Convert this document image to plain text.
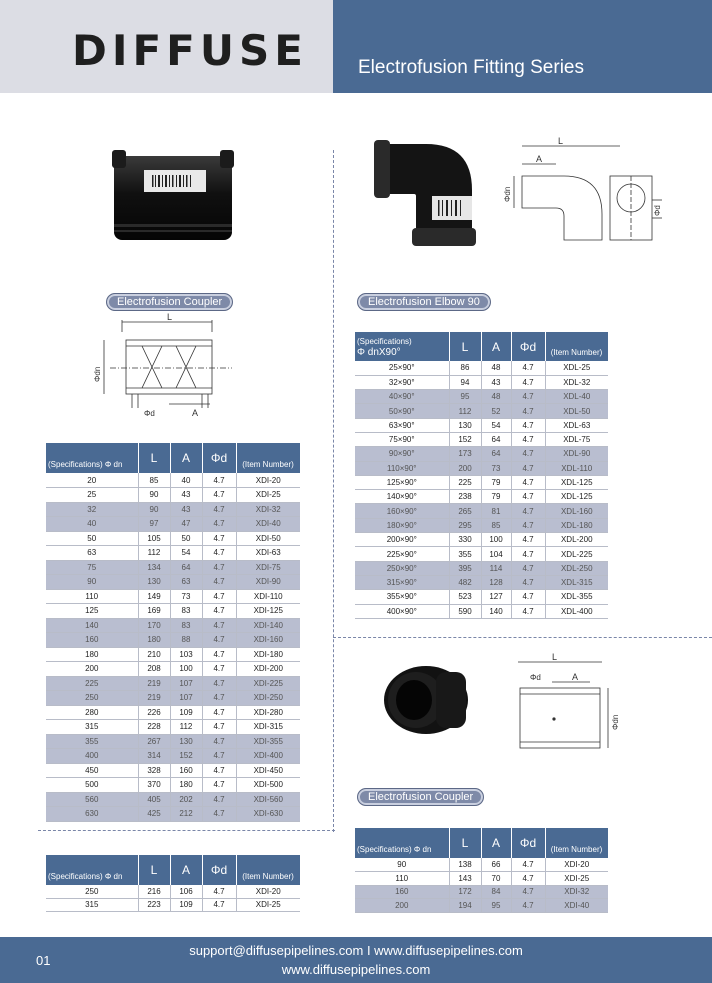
DIFFUSE	Electrofusion Fitting Series
L
Φdn
Φd	A
L
A
Φdn
Φd
L
Φd	A
Φdn
Electrofusion Coupler	Electrofusion Elbow 90
Electrofusion Coupler
(Specifications) Φ dn	L	A	Φd	(Item Number)
20	85	40	4.7	XDI-20
25	90	43	4.7	XDI-25
32	90	43	4.7	XDI-32
40	97	47	4.7	XDI-40
50	105	50	4.7	XDI-50
63	112	54	4.7	XDI-63
75	134	64	4.7	XDI-75
90	130	63	4.7	XDI-90
110	149	73	4.7	XDI-110
125	169	83	4.7	XDI-125
140	170	83	4.7	XDI-140
160	180	88	4.7	XDI-160
180	210	103	4.7	XDI-180
200	208	100	4.7	XDI-200
225	219	107	4.7	XDI-225
250	219	107	4.7	XDI-250
280	226	109	4.7	XDI-280
315	228	112	4.7	XDI-315
355	267	130	4.7	XDI-355
400	314	152	4.7	XDI-400
450	328	160	4.7	XDI-450
500	370	180	4.7	XDI-500
560	405	202	4.7	XDI-560
630	425	212	4.7	XDI-630
(Specifications) Φ dn	L	A	Φd	(Item Number)
250	216	106	4.7	XDI-20
315	223	109	4.7	XDI-25
(Specifications)
Φ dnX90°	L	A	Φd	(Item Number)
25×90°	86	48	4.7	XDL-25
32×90°	94	43	4.7	XDL-32
40×90°	95	48	4.7	XDL-40
50×90°	112	52	4.7	XDL-50
63×90°	130	54	4.7	XDL-63
75×90°	152	64	4.7	XDL-75
90×90°	173	64	4.7	XDL-90
110×90°	200	73	4.7	XDL-110
125×90°	225	79	4.7	XDL-125
140×90°	238	79	4.7	XDL-125
160×90°	265	81	4.7	XDL-160
180×90°	295	85	4.7	XDL-180
200×90°	330	100	4.7	XDL-200
225×90°	355	104	4.7	XDL-225
250×90°	395	114	4.7	XDL-250
315×90°	482	128	4.7	XDL-315
355×90°	523	127	4.7	XDL-355
400×90°	590	140	4.7	XDL-400
(Specifications) Φ dn	L	A	Φd	(Item Number)
90	138	66	4.7	XDI-20
110	143	70	4.7	XDI-25
160	172	84	4.7	XDI-32
200	194	95	4.7	XDI-40
01
support@diffusepipelines.com I www.diffusepipelines.com
www.diffusepipelines.com
